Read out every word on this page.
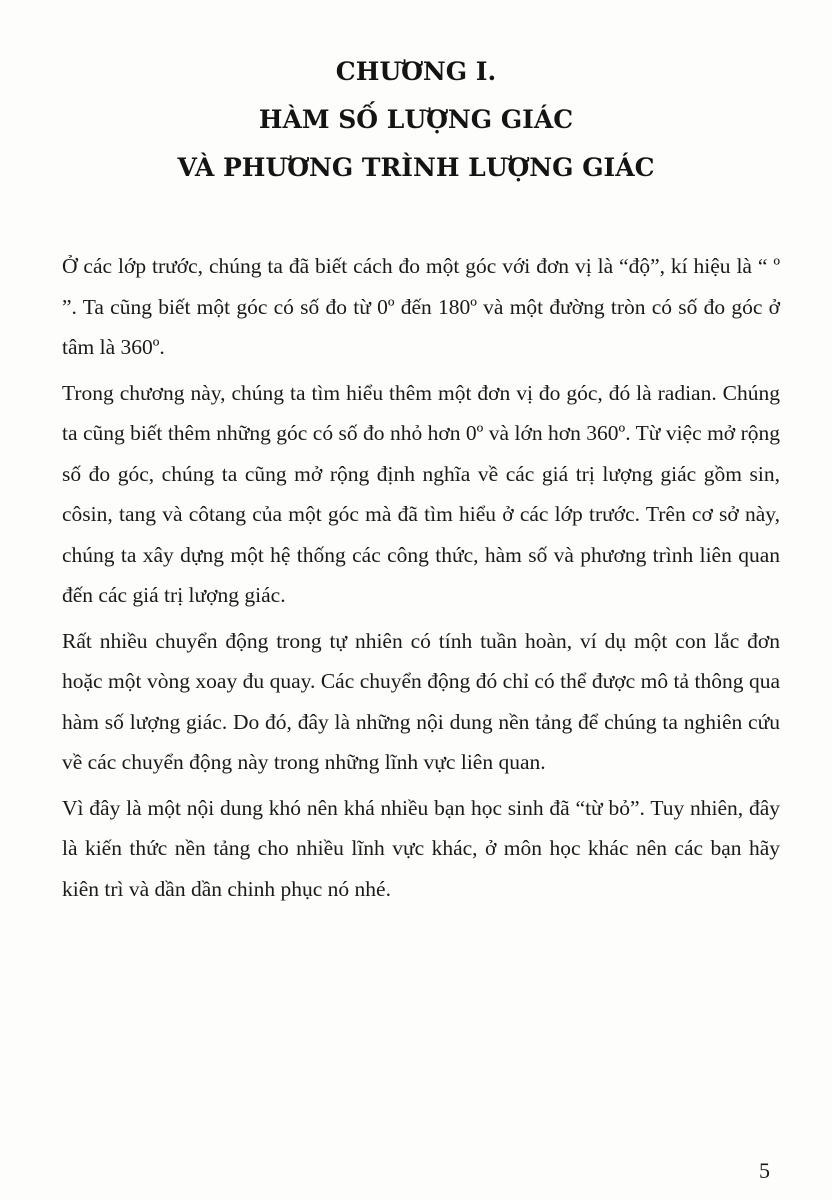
CHƯƠNG I.
HÀM SỐ LƯỢNG GIÁC
VÀ PHƯƠNG TRÌNH LƯỢNG GIÁC

Ở các lớp trước, chúng ta đã biết cách đo một góc với đơn vị là “độ”, kí hiệu là “ º ”. Ta cũng biết một góc có số đo từ 0º đến 180º và một đường tròn có số đo góc ở tâm là 360º.

Trong chương này, chúng ta tìm hiểu thêm một đơn vị đo góc, đó là radian. Chúng ta cũng biết thêm những góc có số đo nhỏ hơn 0º và lớn hơn 360º. Từ việc mở rộng số đo góc, chúng ta cũng mở rộng định nghĩa về các giá trị lượng giác gồm sin, côsin, tang và côtang của một góc mà đã tìm hiểu ở các lớp trước. Trên cơ sở này, chúng ta xây dựng một hệ thống các công thức, hàm số và phương trình liên quan đến các giá trị lượng giác.

Rất nhiều chuyển động trong tự nhiên có tính tuần hoàn, ví dụ một con lắc đơn hoặc một vòng xoay đu quay. Các chuyển động đó chỉ có thể được mô tả thông qua hàm số lượng giác. Do đó, đây là những nội dung nền tảng để chúng ta nghiên cứu về các chuyển động này trong những lĩnh vực liên quan.

Vì đây là một nội dung khó nên khá nhiều bạn học sinh đã “từ bỏ”. Tuy nhiên, đây là kiến thức nền tảng cho nhiều lĩnh vực khác, ở môn học khác nên các bạn hãy kiên trì và dần dần chinh phục nó nhé.

5
